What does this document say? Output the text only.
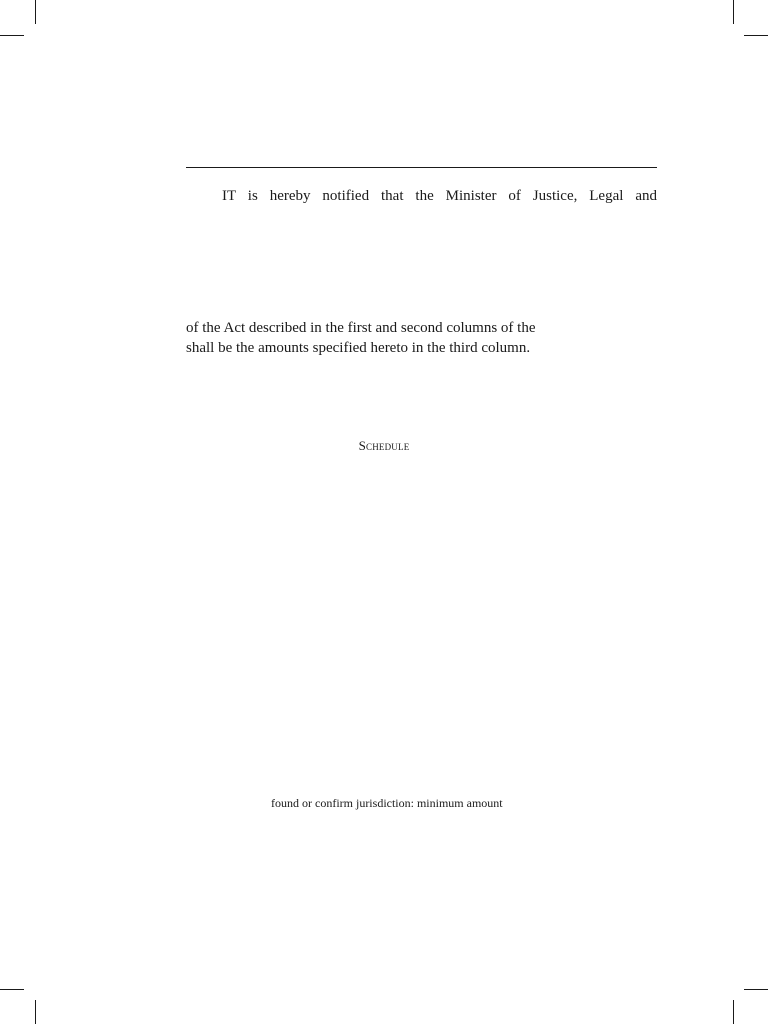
IT is hereby notified that the Minister of Justice, Legal and
of the Act described in the first and second columns of the
shall be the amounts specified hereto in the third column.
Schedule
found or confirm jurisdiction: minimum amount
